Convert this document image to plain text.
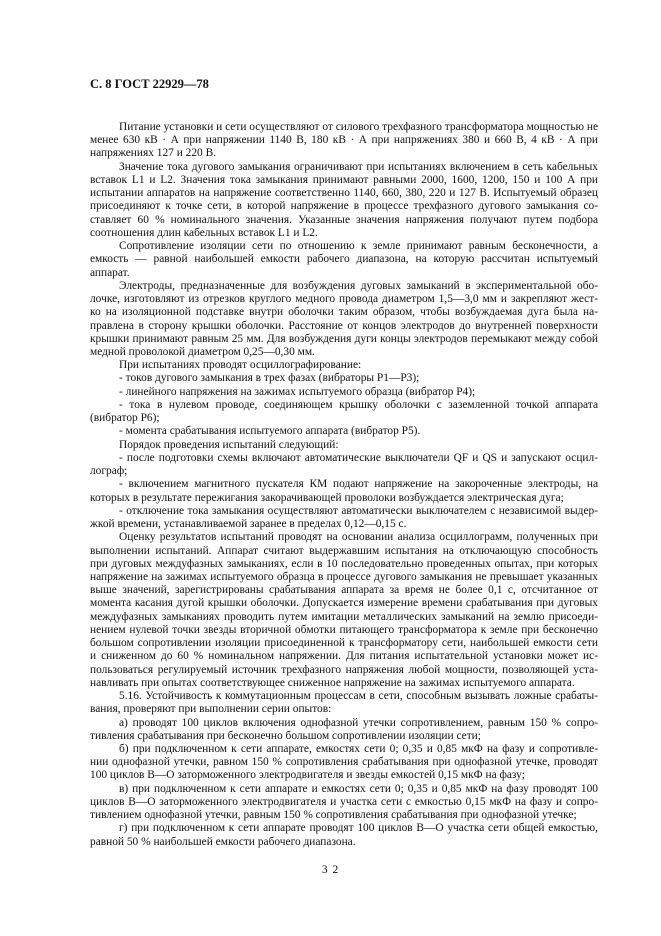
С. 8 ГОСТ 22929—78
Питание установки и сети осуществляют от силового трехфазного трансформатора мощностью не
менее 630 кВ · А при напряжении 1140 В, 180 кВ · А при напряжениях 380 и 660 В, 4 кВ · А при
напряжениях 127 и 220 В.
Значение тока дугового замыкания ограничивают при испытаниях включением в сеть кабельных
вставок L1 и L2. Значения тока замыкания принимают равными 2000, 1600, 1200, 150 и 100 А при
испытании аппаратов на напряжение соответственно 1140, 660, 380, 220 и 127 В. Испытуемый образец
присоединяют к точке сети, в которой напряжение в процессе трехфазного дугового замыкания со-
ставляет 60 % номинального значения. Указанные значения напряжения получают путем подбора
соотношения длин кабельных вставок L1 и L2.
Сопротивление изоляции сети по отношению к земле принимают равным бесконечности, а
емкость — равной наибольшей емкости рабочего диапазона, на которую рассчитан испытуемый
аппарат.
Электроды, предназначенные для возбуждения дуговых замыканий в экспериментальной обо-
лочке, изготовляют из отрезков круглого медного провода диаметром 1,5—3,0 мм и закрепляют жест-
ко на изоляционной подставке внутри оболочки таким образом, чтобы возбуждаемая дуга была на-
правлена в сторону крышки оболочки. Расстояние от концов электродов до внутренней поверхности
крышки принимают равным 25 мм. Для возбуждения дуги концы электродов перемыкают между собой
медной проволокой диаметром 0,25—0,30 мм.
При испытаниях проводят осциллографирование:
- токов дугового замыкания в трех фазах (вибраторы Р1—Р3);
- линейного напряжения на зажимах испытуемого образца (вибратор Р4);
- тока в нулевом проводе, соединяющем крышку оболочки с заземленной точкой аппарата
(вибратор Р6);
- момента срабатывания испытуемого аппарата (вибратор Р5).
Порядок проведения испытаний следующий:
- после подготовки схемы включают автоматические выключатели QF и QS и запускают осцил-
лограф;
- включением магнитного пускателя КМ подают напряжение на закороченные электроды, на
которых в результате пережигания закорачивающей проволоки возбуждается электрическая дуга;
- отключение тока замыкания осуществляют автоматически выключателем с независимой выдер-
жкой времени, устанавливаемой заранее в пределах 0,12—0,15 с.
Оценку результатов испытаний проводят на основании анализа осциллограмм, полученных при
выполнении испытаний. Аппарат считают выдержавшим испытания на отключающую способность
при дуговых междуфазных замыканиях, если в 10 последовательно проведенных опытах, при которых
напряжение на зажимах испытуемого образца в процессе дугового замыкания не превышает указанных
выше значений, зарегистрированы срабатывания аппарата за время не более 0,1 с, отсчитанное от
момента касания дугой крышки оболочки. Допускается измерение времени срабатывания при дуговых
междуфазных замыканиях проводить путем имитации металлических замыканий на землю присоеди-
нением нулевой точки звезды вторичной обмотки питающего трансформатора к земле при бесконечно
большом сопротивлении изоляции присоединенной к трансформатору сети, наибольшей емкости сети
и сниженном до 60 % номинальном напряжении. Для питания испытательной установки может ис-
пользоваться регулируемый источник трехфазного напряжения любой мощности, позволяющей уста-
навливать при опытах соответствующее сниженное напряжение на зажимах испытуемого аппарата.
5.16. Устойчивость к коммутационным процессам в сети, способным вызывать ложные срабаты-
вания, проверяют при выполнении серии опытов:
а) проводят 100 циклов включения однофазной утечки сопротивлением, равным 150 % сопро-
тивления срабатывания при бесконечно большом сопротивлении изоляции сети;
б) при подключенном к сети аппарате, емкостях сети 0; 0,35 и 0,85 мкФ на фазу и сопротивле-
нии однофазной утечки, равном 150 % сопротивления срабатывания при однофазной утечке, проводят
100 циклов В—О заторможенного электродвигателя и звезды емкостей 0,15 мкФ на фазу;
в) при подключенном к сети аппарате и емкостях сети 0; 0,35 и 0,85 мкФ на фазу проводят 100
циклов В—О заторможенного электродвигателя и участка сети с емкостью 0,15 мкФ на фазу и сопро-
тивлением однофазной утечки, равным 150 % сопротивления срабатывания при однофазной утечке;
г) при подключенном к сети аппарате проводят 100 циклов В—О участка сети общей емкостью,
равной 50 % наибольшей емкости рабочего диапазона.
3 2
